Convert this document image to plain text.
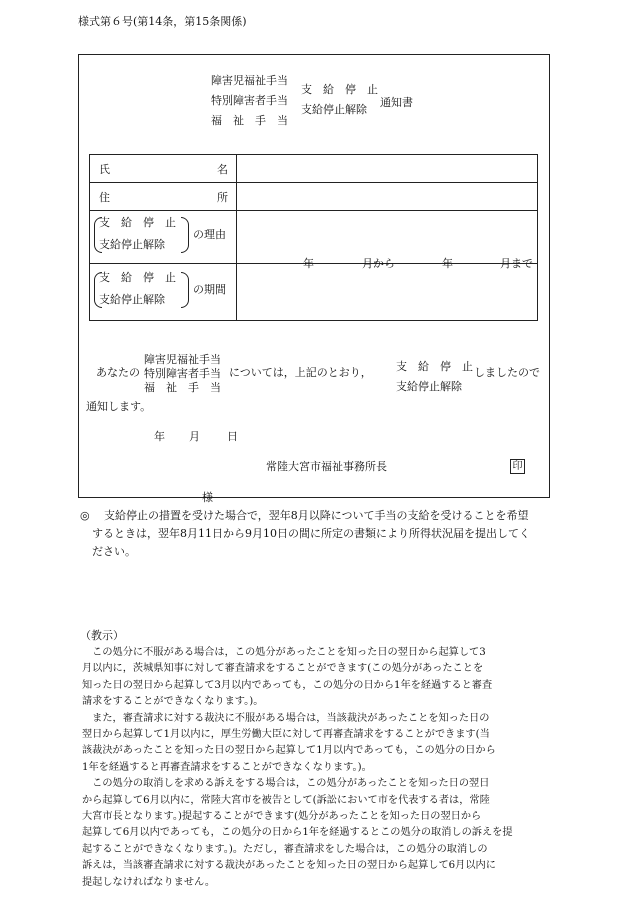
様式第６号(第14条，第15条関係)
障害児福祉手当
特別障害者手当
福　祉　手　当
支　給　停　止
支給停止解除
通知書
氏 名	

住 所	

支　給　停　止
支給停止解除
の理由	

支　給　停　止
支給停止解除
の期間	年 月から 年 月まで
障害児福祉手当
特別障害者手当
福　祉　手　当
あなたの	については，上記のとおり， 支　給　停　止
支給停止解除
しましたので
通知します。
年 月 日
常陸大宮市福祉事務所長	印
様
◎ 支給停止の措置を受けた場合で，翌年8月以降について手当の支給を受けることを希望
するときは，翌年8月11日から9月10日の間に所定の書類により所得状況届を提出してく
ださい。
（教示）
　この処分に不服がある場合は，この処分があったことを知った日の翌日から起算して3
月以内に，茨城県知事に対して審査請求をすることができます(この処分があったことを
知った日の翌日から起算して3月以内であっても，この処分の日から1年を経過すると審査
請求をすることができなくなります。)。
　また，審査請求に対する裁決に不服がある場合は，当該裁決があったことを知った日の
翌日から起算して1月以内に，厚生労働大臣に対して再審査請求をすることができます(当
該裁決があったことを知った日の翌日から起算して1月以内であっても，この処分の日から
1年を経過すると再審査請求をすることができなくなります。)。
　この処分の取消しを求める訴えをする場合は，この処分があったことを知った日の翌日
から起算して6月以内に，常陸大宮市を被告として(訴訟において市を代表する者は，常陸
大宮市長となります。)提起することができます(処分があったことを知った日の翌日から
起算して6月以内であっても，この処分の日から1年を経過するとこの処分の取消しの訴えを提
起することができなくなります。)。ただし，審査請求をした場合は，この処分の取消しの
訴えは，当該審査請求に対する裁決があったことを知った日の翌日から起算して6月以内に
提起しなければなりません。
